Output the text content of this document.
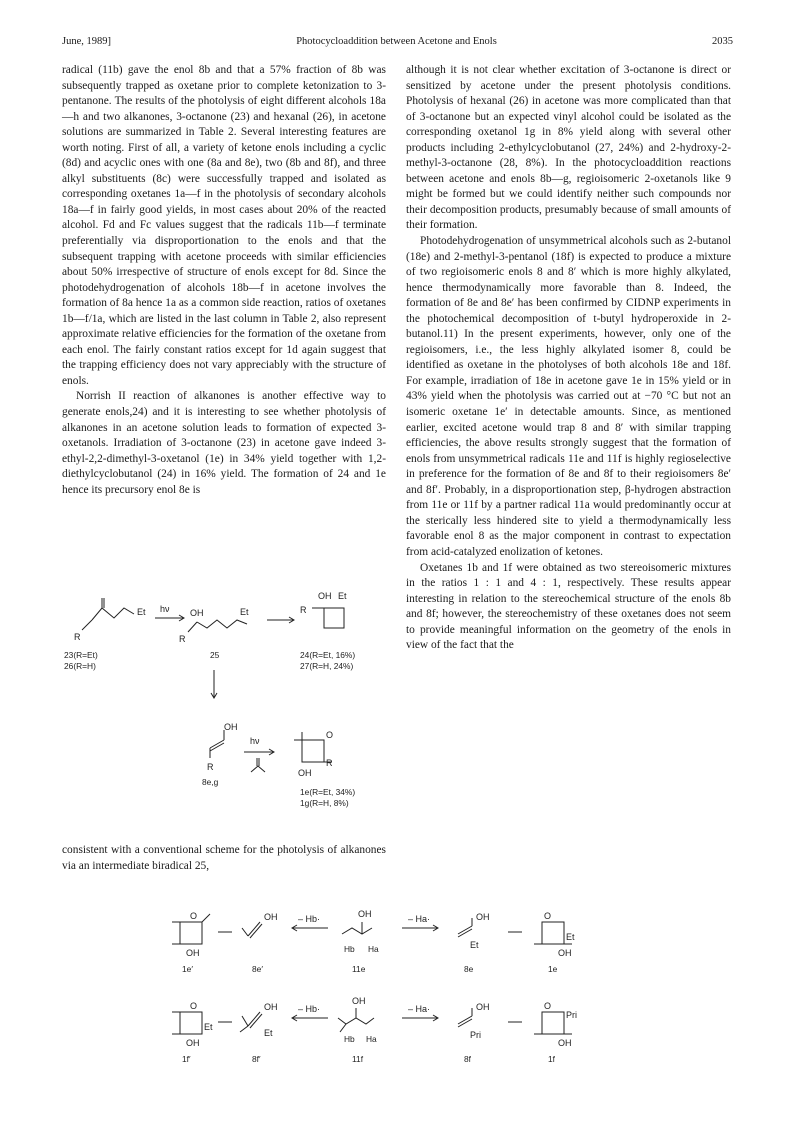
June, 1989]	Photocycloaddition between Acetone and Enols	2035

radical (11b) gave the enol 8b and that a 57% fraction of 8b was subsequently trapped as oxetane prior to complete ketonization to 3-pentanone. The results of the photolysis of eight different alcohols 18a—h and two alkanones, 3-octanone (23) and hexanal (26), in acetone solutions are summarized in Table 2. Several interesting features are worth noting. First of all, a variety of ketone enols including a cyclic (8d) and acyclic ones with one (8a and 8e), two (8b and 8f), and three alkyl substituents (8c) were successfully trapped and isolated as corresponding oxetanes 1a—f in the photolysis of secondary alcohols 18a—f in fairly good yields, in most cases about 20% of the reacted alcohol. Fd and Fc values suggest that the radicals 11b—f terminate preferentially via disproportionation to the enols and that the subsequent trapping with acetone proceeds with similar efficiencies about 50% irrespective of structure of enols except for 8d. Since the photodehydrogenation of alcohols 18b—f in acetone involves the formation of 8a hence 1a as a common side reaction, ratios of oxetanes 1b—f/1a, which are listed in the last column in Table 2, also represent approximate relative efficiencies for the formation of the oxetane from each enol. The fairly constant ratios except for 1d again suggest that the trapping efficiency does not vary appreciably with the structure of enols.

Norrish II reaction of alkanones is another effective way to generate enols,24) and it is interesting to see whether photolysis of alkanones in an acetone solution leads to formation of expected 3-oxetanols. Irradiation of 3-octanone (23) in acetone gave indeed 3-ethyl-2,2-dimethyl-3-oxetanol (1e) in 34% yield together with 1,2-diethylcyclobutanol (24) in 16% yield. The formation of 24 and 1e hence its precursory enol 8e is

consistent with a conventional scheme for the photolysis of alkanones via an intermediate biradical 25,

although it is not clear whether excitation of 3-octanone is direct or sensitized by acetone under the present photolysis conditions. Photolysis of hexanal (26) in acetone was more complicated than that of 3-octanone but an expected vinyl alcohol could be isolated as the corresponding oxetanol 1g in 8% yield along with several other products including 2-ethylcyclobutanol (27, 24%) and 2-hydroxy-2-methyl-3-octanone (28, 8%). In the photocycloaddition reactions between acetone and enols 8b—g, regioisomeric 2-oxetanols like 9 might be formed but we could identify neither such compounds nor their decomposition products, presumably because of small amounts of their formation.

Photodehydrogenation of unsymmetrical alcohols such as 2-butanol (18e) and 2-methyl-3-pentanol (18f) is expected to produce a mixture of two regioisomeric enols 8 and 8′ which is more highly alkylated, hence thermodynamically more favorable than 8. Indeed, the formation of 8e and 8e′ has been confirmed by CIDNP experiments in the photochemical decomposition of t-butyl hydroperoxide in 2-butanol.11) In the present experiments, however, only one of the regioisomers, i.e., the less highly alkylated isomer 8, could be identified as oxetane in the photolyses of both alcohols 18e and 18f. For example, irradiation of 18e in acetone gave 1e in 15% yield or in 43% yield when the photolysis was carried out at −70 °C but not an isomeric oxetane 1e′ in detectable amounts. Since, as mentioned earlier, excited acetone would trap 8 and 8′ with similar trapping efficiencies, the above results strongly suggest that the formation of enols from unsymmetrical radicals 11e and 11f is highly regioselective in preference for the formation of 8e and 8f to their regioisomers 8e′ and 8f′. Probably, in a disproportionation step, β-hydrogen abstraction from 11e or 11f by a partner radical 11a would predominantly occur at the sterically less hindered site to yield a thermodynamically less favorable enol 8 as the major component in contrast to expectation from acid-catalyzed enolization of ketones.

Oxetanes 1b and 1f were obtained as two stereoisomeric mixtures in the ratios 1 : 1 and 4 : 1, respectively. These results appear interesting in relation to the stereochemical structure of the enols 8b and 8f; however, the stereochemistry of these oxetanes does not seem to provide meaningful information on the geometry of the enols in view of the fact that the

Et
R
23(R=Et)
26(R=H)
hν OH	Et
R
25
R
OH Et
24(R=Et, 16%)
27(R=H, 24%)
OH
R
8e,g
hν
O
R
OH
1e(R=Et, 34%)
1g(R=H, 8%)
O
OH
OH – Hb·	OH
Hb Ha
– Ha·	OH
Et
O
Et
OH
1e′	8e′	11e	8e	1e
O
Et
OH
OH
Et
– Hb·
OH
Hb Ha
– Ha·	OH
Pri
O
Pri
OH
1f′	8f′	11f	8f	1f
